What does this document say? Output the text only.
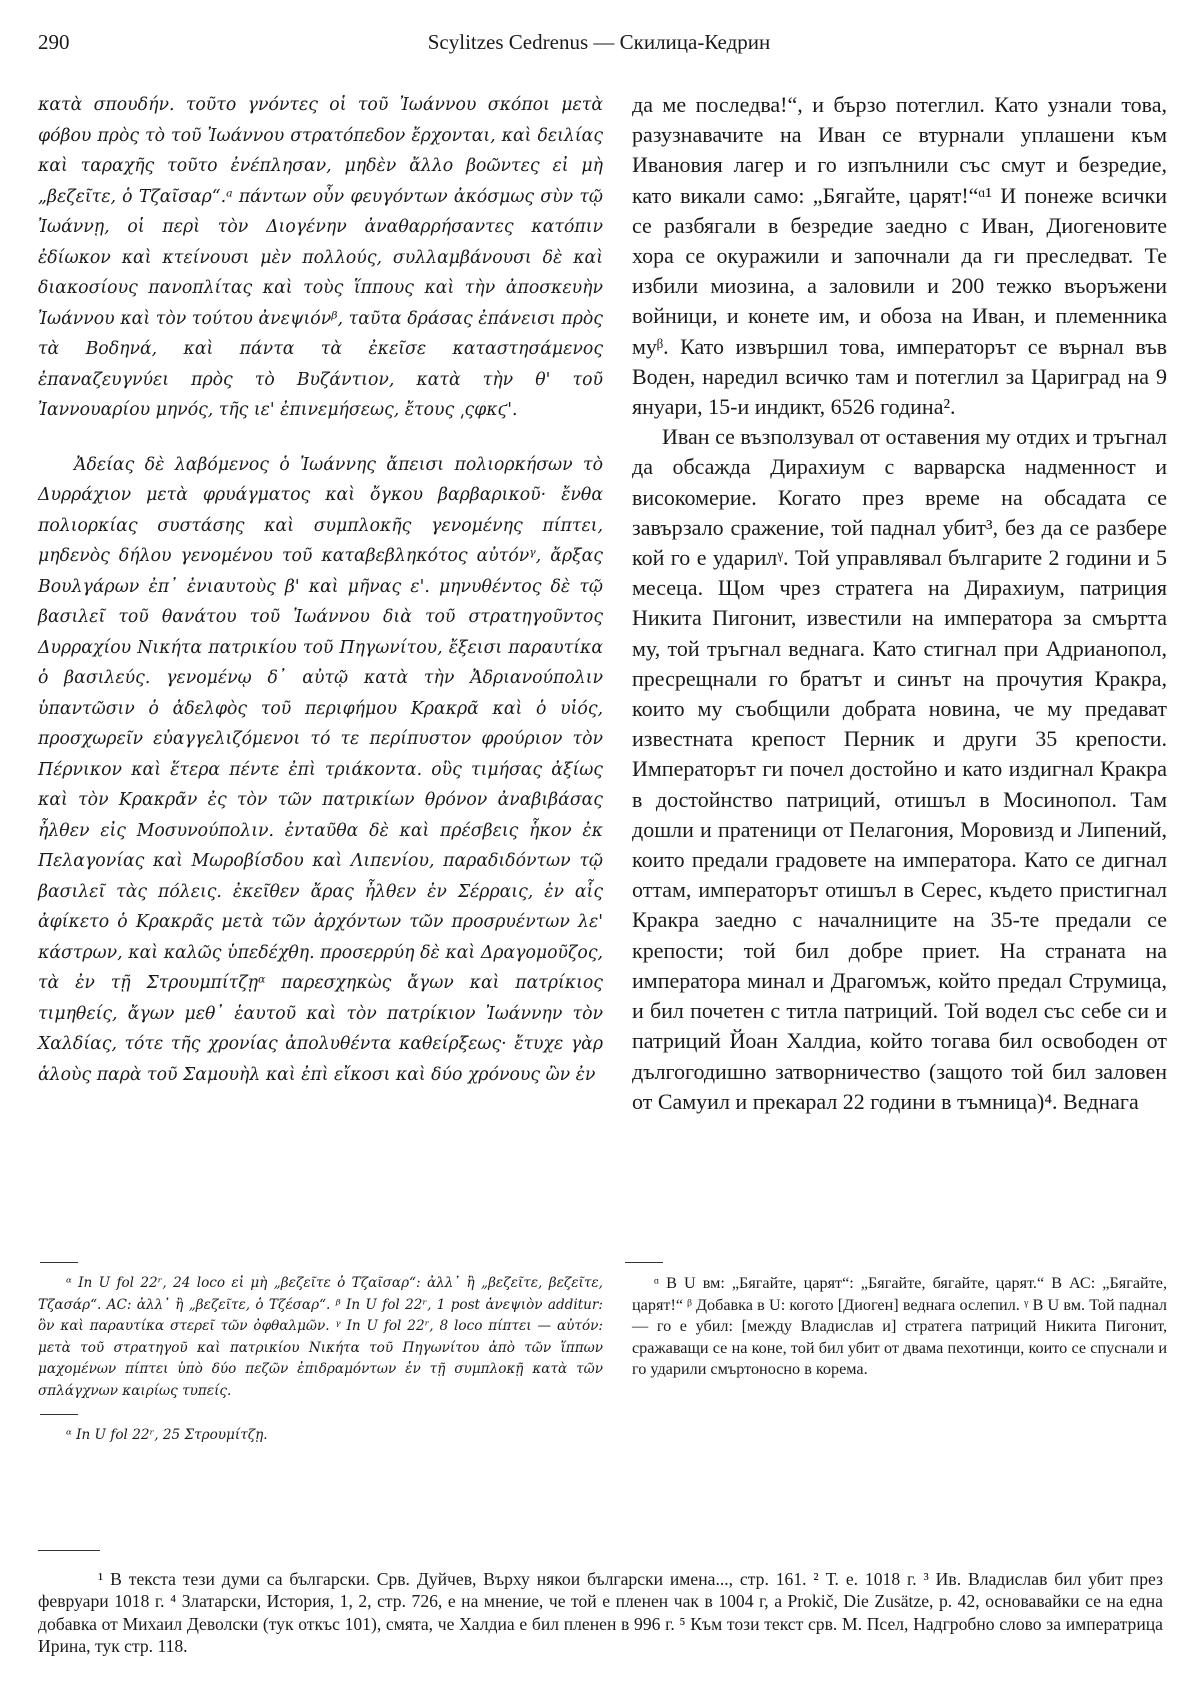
290	Scylitzes Cedrenus — Скилица-Кедрин

κατὰ σπουδήν. τοῦτο γνόντες οἱ τοῦ Ἰωάννου σκόποι μετὰ φόβου πρὸς τὸ τοῦ Ἰωάννου στρατόπεδον ἔρχονται, καὶ δειλίας καὶ ταραχῆς τοῦτο ἐνέπλησαν, μηδὲν ἄλλο βοῶντες εἰ μὴ „βεζεῖτε, ὁ Τζαῖσαρ“.ᵃ πάντων οὖν φευγόντων ἀκόσμως σὺν τῷ Ἰωάννῃ, οἱ περὶ τὸν Διογένην ἀναθαρρήσαντες κατόπιν ἐδίωκον καὶ κτείνουσι μὲν πολλούς, συλλαμβάνουσι δὲ καὶ διακοσίους πανοπλίτας καὶ τοὺς ἵππους καὶ τὴν ἀποσκευὴν Ἰωάννου καὶ τὸν τούτου ἀνεψιόνᵝ, ταῦτα δράσας ἐπάνεισι πρὸς τὰ Βοδηνά, καὶ πάντα τὰ ἐκεῖσε καταστησάμενος ἐπαναζευγνύει πρὸς τὸ Βυζάντιον, κατὰ τὴν θ' τοῦ Ἰαννουαρίου μηνός, τῆς ιε' ἐπινεμήσεως, ἔτους ͵ςφκϛ'.

Ἀδείας δὲ λαβόμενος ὁ Ἰωάννης ἄπεισι πολιορκήσων τὸ Δυρράχιον μετὰ φρυάγματος καὶ ὄγκου βαρβαρικοῦ· ἔνθα πολιορκίας συστάσης καὶ συμπλοκῆς γενομένης πίπτει, μηδενὸς δήλου γενομένου τοῦ καταβεβληκότος αὐτόνᵞ, ἄρξας Βουλγάρων ἐπ᾽ ἐνιαυτοὺς β' καὶ μῆνας ε'. μηνυθέντος δὲ τῷ βασιλεῖ τοῦ θανάτου τοῦ Ἰωάννου διὰ τοῦ στρατηγοῦντος Δυρραχίου Νικήτα πατρικίου τοῦ Πηγωνίτου, ἔξεισι παραυτίκα ὁ βασιλεύς. γενομένῳ δ᾽ αὐτῷ κατὰ τὴν Ἀδριανούπολιν ὑπαντῶσιν ὁ ἀδελφὸς τοῦ περιφήμου Κρακρᾶ καὶ ὁ υἱός, προσχωρεῖν εὐαγγελιζόμενοι τό τε περίπυστον φρούριον τὸν Πέρνικον καὶ ἕτερα πέντε ἐπὶ τριάκοντα. οὓς τιμήσας ἀξίως καὶ τὸν Κρακρᾶν ἐς τὸν τῶν πατρικίων θρόνον ἀναβιβάσας ἦλθεν εἰς Μοσυνούπολιν. ἐνταῦθα δὲ καὶ πρέσβεις ἧκον ἐκ Πελαγονίας καὶ Μωροβίσδου καὶ Λιπενίου, παραδιδόντων τῷ βασιλεῖ τὰς πόλεις. ἐκεῖθεν ἄρας ἦλθεν ἐν Σέρραις, ἐν αἷς ἀφίκετο ὁ Κρακρᾶς μετὰ τῶν ἀρχόντων τῶν προσρυέντων λε' κάστρων, καὶ καλῶς ὑπεδέχθη. προσερρύη δὲ καὶ Δραγομοῦζος, τὰ ἐν τῇ Στρουμπίτζῃᵅ παρεσχηκὼς ἄγων καὶ πατρίκιος τιμηθείς, ἄγων μεθ᾽ ἑαυτοῦ καὶ τὸν πατρίκιον Ἰωάννην τὸν Χαλδίας, τότε τῆς χρονίας ἀπολυθέντα καθείρξεως· ἔτυχε γὰρ ἁλοὺς παρὰ τοῦ Σαμουὴλ καὶ ἐπὶ εἴκοσι καὶ δύο χρόνους ὢν ἐν

да ме последва!“, и бързо потеглил. Като узнали това, разузнавачите на Иван се втурнали уплашени към Ивановия лагер и го изпълнили със смут и безредие, като викали само: „Бягайте, царят!“ᵅ¹ И понеже всички се разбягали в безредие заедно с Иван, Диогеновите хора се окуражили и започнали да ги преследват. Те избили миозина, а заловили и 200 тежко въоръжени войници, и конете им, и обоза на Иван, и племенника муᵝ. Като извършил това, императорът се върнал във Воден, наредил всичко там и потеглил за Цариград на 9 януари, 15-и индикт, 6526 година².

Иван се възползувал от оставения му отдих и тръгнал да обсажда Дирахиум с варварска надменност и високомерие. Когато през време на обсадата се завързало сражение, той паднал убит³, без да се разбере кой го е ударилᵞ. Той управлявал българите 2 години и 5 месеца. Щом чрез стратега на Дирахиум, патриция Никита Пигонит, известили на императора за смъртта му, той тръгнал веднага. Като стигнал при Адрианопол, пресрещнали го братът и синът на прочутия Кракра, които му съобщили добрата новина, че му предават известната крепост Перник и други 35 крепости. Императорът ги почел достойно и като издигнал Кракра в достойнство патриций, отишъл в Мосинопол. Там дошли и пратеници от Пелагония, Моровизд и Липений, които предали градовете на императора. Като се дигнал оттам, императорът отишъл в Серес, където пристигнал Кракра заедно с началниците на 35-те предали се крепости; той бил добре приет. На страната на императора минал и Драгомъж, който предал Струмица, и бил почетен с титла патриций. Той водел със себе си и патриций Йоан Халдиа, който тогава бил освободен от дългогодишно затворничество (защото той бил заловен от Самуил и прекарал 22 години в тъмница)⁴. Веднага

ᵅ In U fol 22ʳ, 24 loco εἰ μὴ „βεζεῖτε ὁ Τζαῖσαρ“: ἀλλ᾽ ἢ „βεζεῖτε, βεζεῖτε, Τζασάρ“. AC: ἀλλ᾽ ἢ „βεζεῖτε, ὁ Τζέσαρ“. ᵝ In U fol 22ʳ, 1 post ἀνεψιὸν additur: ὃν καὶ παραυτίκα στερεῖ τῶν ὀφθαλμῶν. ᵞ In U fol 22ʳ, 8 loco πίπτει — αὐτόν: μετὰ τοῦ στρατηγοῦ καὶ πατρικίου Νικήτα τοῦ Πηγωνίτου ἀπὸ τῶν ἵππων μαχομένων πίπτει ὑπὸ δύο πεζῶν ἐπιδραμόντων ἐν τῇ συμπλοκῇ κατὰ τῶν σπλάγχνων καιρίως τυπείς.

ᵅ In U fol 22ʳ, 25 Στρουμίτζῃ.

ᵅ В U вм: „Бягайте, царят“: „Бягайте, бягайте, царят.“ В АС: „Бягайте, царят!“ ᵝ Добавка в U: когото [Диоген] веднага ослепил. ᵞ В U вм. Той паднал — го е убил: [между Владислав и] стратега патриций Никита Пигонит, сражаващи се на коне, той бил убит от двама пехотинци, които се спуснали и го ударили смъртоносно в корема.

¹ В текста тези думи са български. Срв. Дуйчев, Върху някои български имена..., стр. 161. ² Т. е. 1018 г. ³ Ив. Владислав бил убит през февруари 1018 г. ⁴ Златарски, История, 1, 2, стр. 726, е на мнение, че той е пленен чак в 1004 г, а Prokič, Die Zusätze, p. 42, основавайки се на една добавка от Михаил Деволски (тук откъс 101), смята, че Халдиа е бил пленен в 996 г. ⁵ Към този текст срв. М. Псел, Надгробно слово за императрица Ирина, тук стр. 118.
